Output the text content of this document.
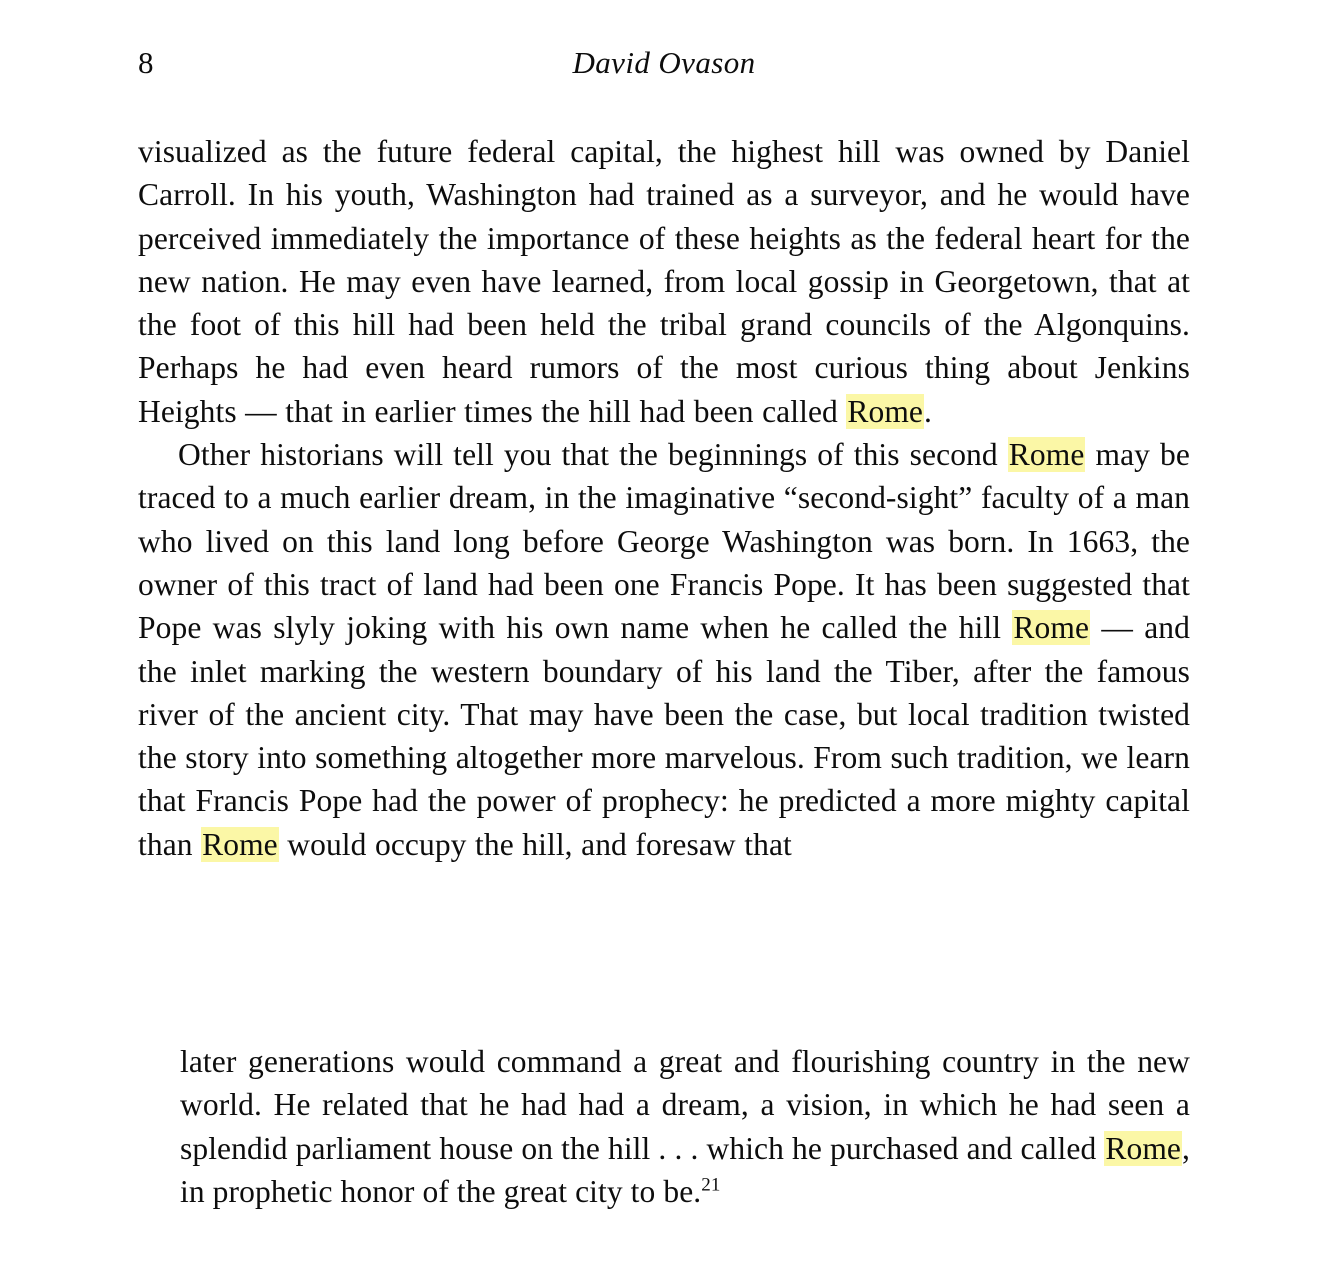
8	David Ovason

visualized as the future federal capital, the highest hill was owned by Daniel Carroll. In his youth, Washington had trained as a surveyor, and he would have perceived immediately the importance of these heights as the federal heart for the new nation. He may even have learned, from local gossip in Georgetown, that at the foot of this hill had been held the tribal grand councils of the Algonquins. Perhaps he had even heard rumors of the most curious thing about Jenkins Heights — that in earlier times the hill had been called Rome.

Other historians will tell you that the beginnings of this second Rome may be traced to a much earlier dream, in the imaginative “second-sight” faculty of a man who lived on this land long before George Washington was born. In 1663, the owner of this tract of land had been one Francis Pope. It has been suggested that Pope was slyly joking with his own name when he called the hill Rome — and the inlet marking the western boundary of his land the Tiber, after the famous river of the ancient city. That may have been the case, but local tradition twisted the story into something altogether more marvelous. From such tradition, we learn that Francis Pope had the power of prophecy: he predicted a more mighty capital than Rome would occupy the hill, and foresaw that

later generations would command a great and flourishing country in the new world. He related that he had had a dream, a vision, in which he had seen a splendid parliament house on the hill . . . which he purchased and called Rome, in prophetic honor of the great city to be.$^{21}$
